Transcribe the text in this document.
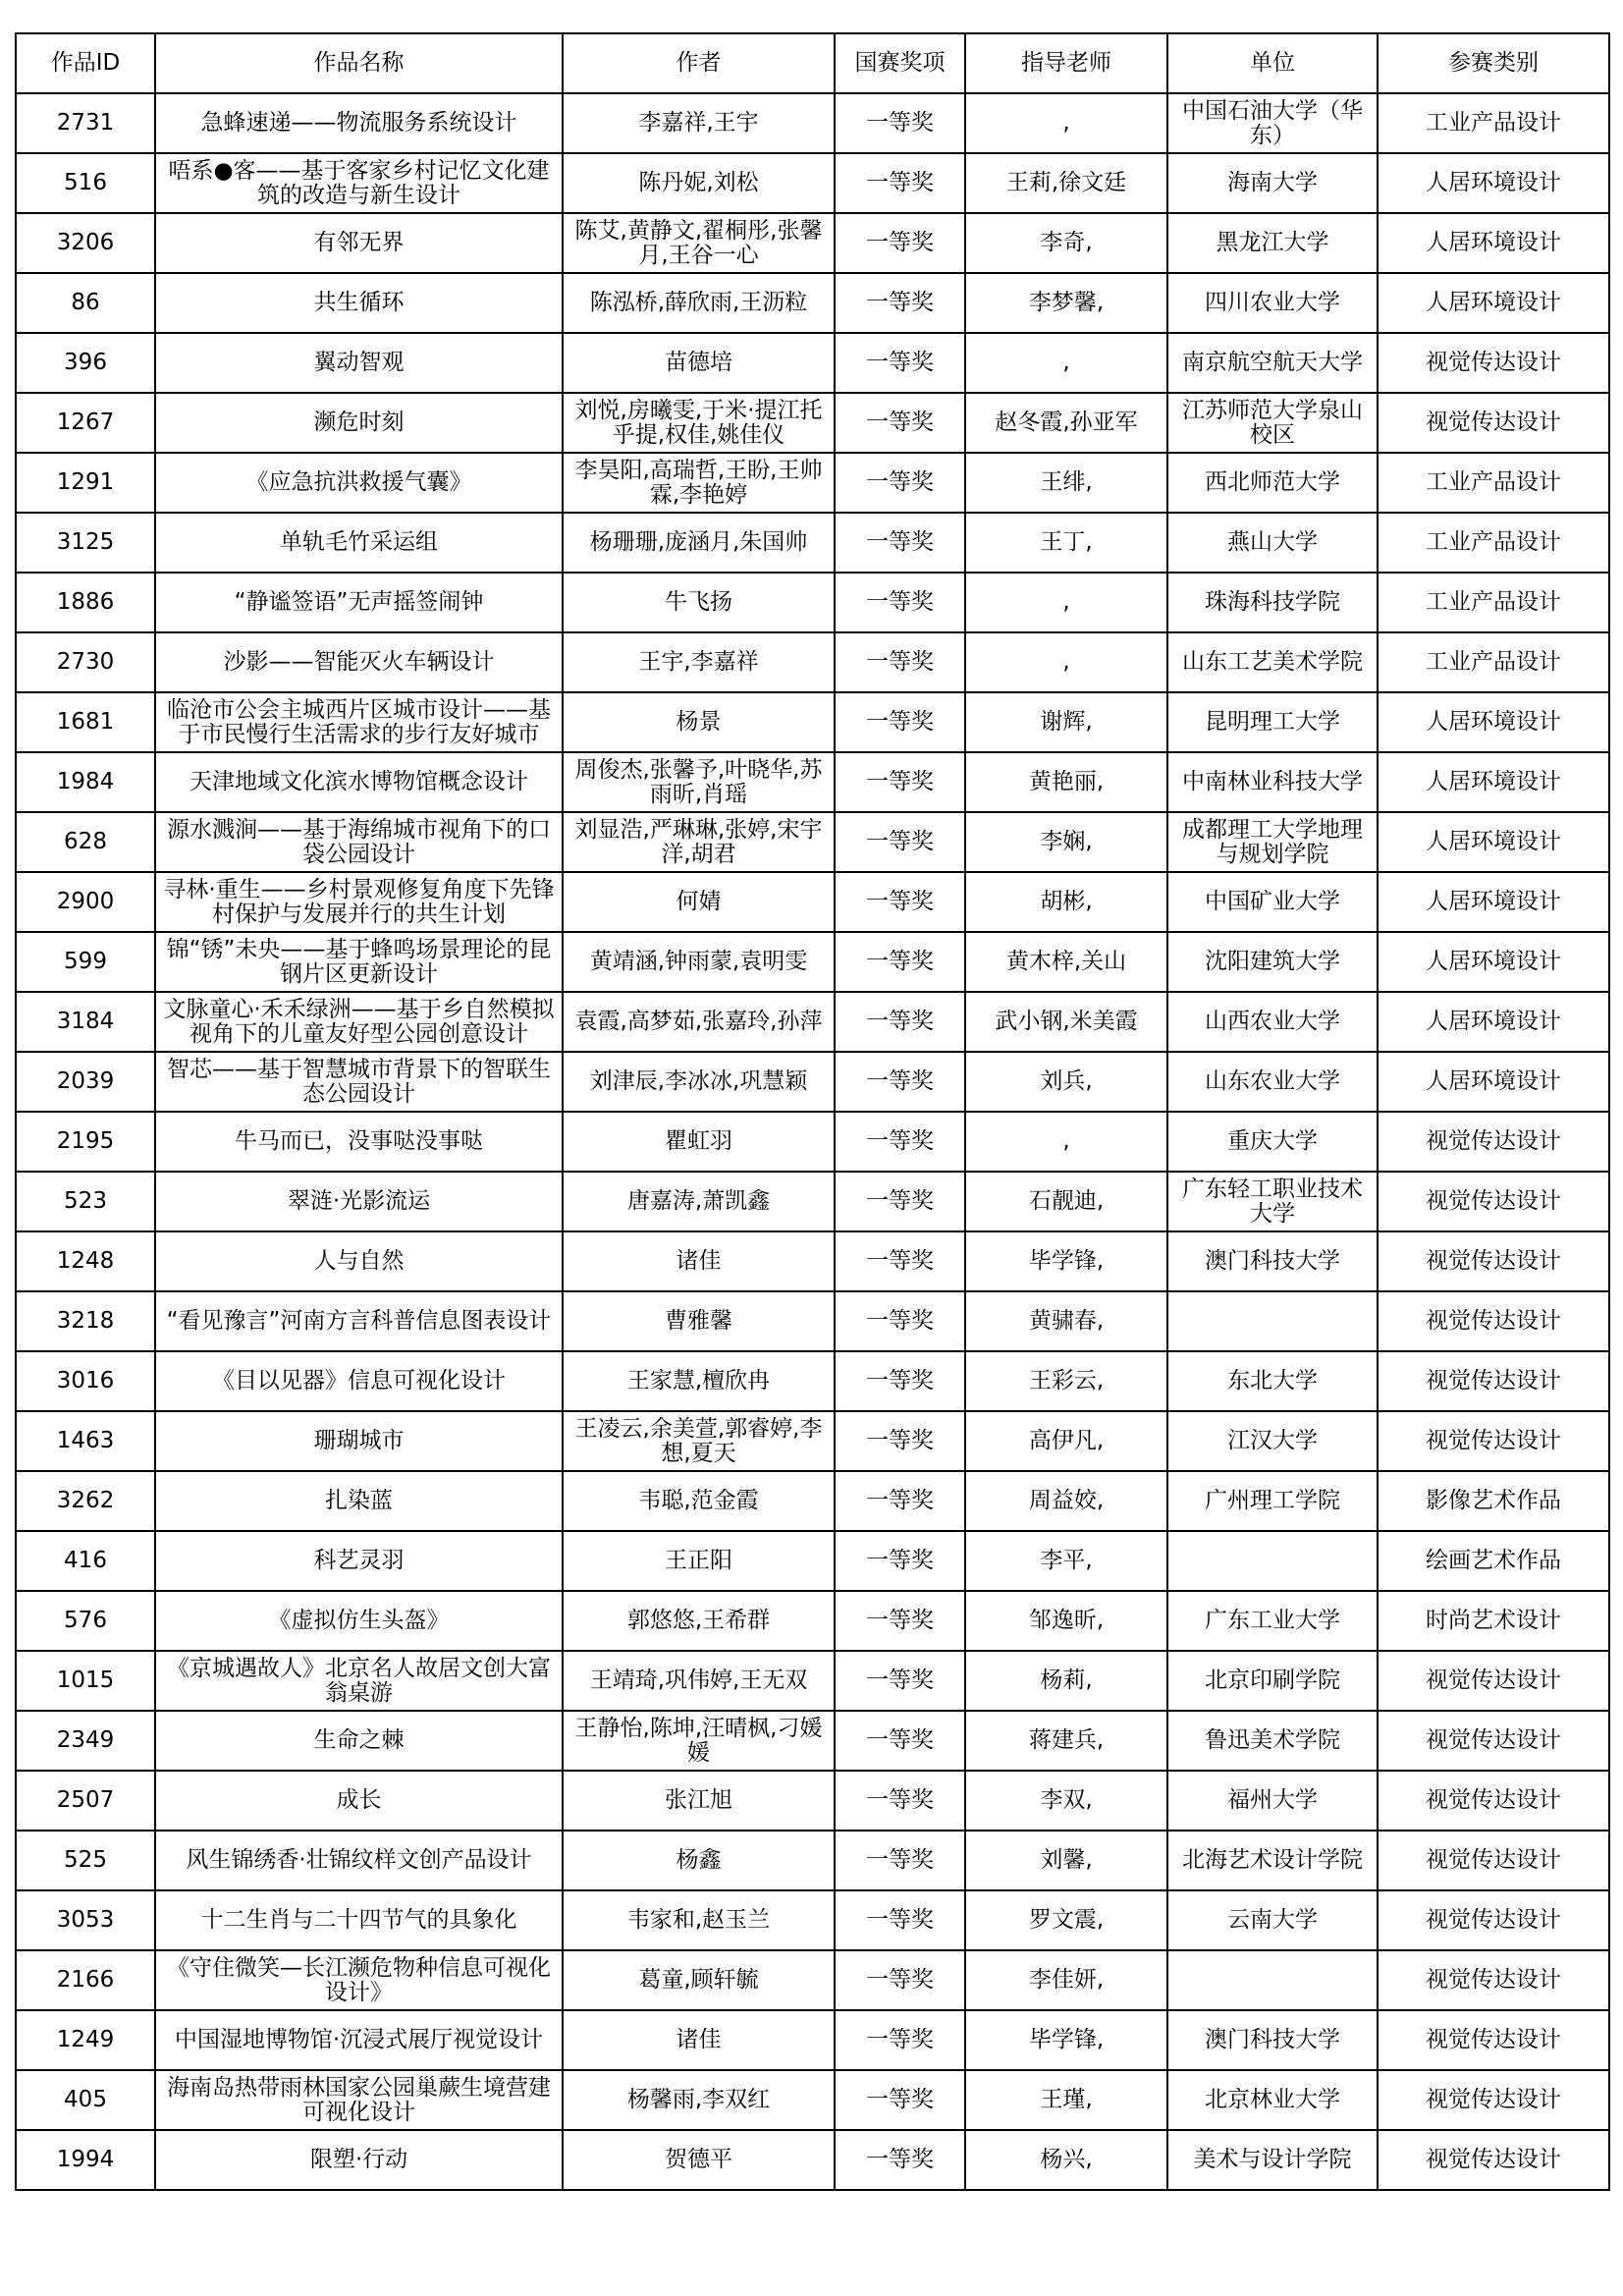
作品ID	作品名称	作者	国赛奖项	指导老师	单位	参赛类别

2731	急蜂速递——物流服务系统设计	李嘉祥,王宇	一等奖	,	中国石油大学（华东）	工业产品设计

516	唔系●客——基于客家乡村记忆文化建筑的改造与新生设计	陈丹妮,刘松	一等奖	王莉,徐文廷	海南大学	人居环境设计

3206	有邻无界	陈艾,黄静文,翟桐彤,张馨月,王谷一心	一等奖	李奇,	黑龙江大学	人居环境设计

86	共生循环	陈泓桥,薛欣雨,王沥粒	一等奖	李梦馨,	四川农业大学	人居环境设计

396	翼动智观	苗德培	一等奖	,	南京航空航天大学	视觉传达设计

1267	濒危时刻	刘悦,房曦雯,于米·提江托乎提,权佳,姚佳仪	一等奖	赵冬霞,孙亚军	江苏师范大学泉山校区	视觉传达设计

1291	《应急抗洪救援气囊》	李昊阳,高瑞哲,王盼,王帅霖,李艳婷	一等奖	王绯,	西北师范大学	工业产品设计

3125	单轨毛竹采运组	杨珊珊,庞涵月,朱国帅	一等奖	王丁,	燕山大学	工业产品设计

1886	“静谧签语”无声摇签闹钟	牛飞扬	一等奖	,	珠海科技学院	工业产品设计

2730	沙影——智能灭火车辆设计	王宇,李嘉祥	一等奖	,	山东工艺美术学院	工业产品设计

1681	临沧市公会主城西片区城市设计——基于市民慢行生活需求的步行友好城市	杨景	一等奖	谢辉,	昆明理工大学	人居环境设计

1984	天津地域文化滨水博物馆概念设计	周俊杰,张馨予,叶晓华,苏雨昕,肖瑶	一等奖	黄艳丽,	中南林业科技大学	人居环境设计

628	源水溅涧——基于海绵城市视角下的口袋公园设计	刘显浩,严琳琳,张婷,宋宇洋,胡君	一等奖	李娴,	成都理工大学地理与规划学院	人居环境设计

2900	寻林·重生——乡村景观修复角度下先锋村保护与发展并行的共生计划	何婧	一等奖	胡彬,	中国矿业大学	人居环境设计

599	锦“锈”未央——基于蜂鸣场景理论的昆钢片区更新设计	黄靖涵,钟雨蒙,袁明雯	一等奖	黄木梓,关山	沈阳建筑大学	人居环境设计

3184	文脉童心·禾禾绿洲——基于乡自然模拟视角下的儿童友好型公园创意设计	袁霞,高梦茹,张嘉玲,孙萍	一等奖	武小钢,米美霞	山西农业大学	人居环境设计

2039	智芯——基于智慧城市背景下的智联生态公园设计	刘津辰,李冰冰,巩慧颖	一等奖	刘兵,	山东农业大学	人居环境设计

2195	牛马而已，没事哒没事哒	瞿虹羽	一等奖	,	重庆大学	视觉传达设计

523	翠涟·光影流运	唐嘉涛,萧凯鑫	一等奖	石靓迪,	广东轻工职业技术大学	视觉传达设计

1248	人与自然	诸佳	一等奖	毕学锋,	澳门科技大学	视觉传达设计

3218	“看见豫言”河南方言科普信息图表设计	曹雅馨	一等奖	黄骕春,		视觉传达设计

3016	《目以见器》信息可视化设计	王家慧,檀欣冉	一等奖	王彩云,	东北大学	视觉传达设计

1463	珊瑚城市	王凌云,余美萱,郭睿婷,李想,夏天	一等奖	高伊凡,	江汉大学	视觉传达设计

3262	扎染蓝	韦聪,范金霞	一等奖	周益姣,	广州理工学院	影像艺术作品

416	科艺灵羽	王正阳	一等奖	李平,		绘画艺术作品

576	《虚拟仿生头盔》	郭悠悠,王希群	一等奖	邹逸昕,	广东工业大学	时尚艺术设计

1015	《京城遇故人》北京名人故居文创大富翁桌游	王靖琦,巩伟婷,王无双	一等奖	杨莉,	北京印刷学院	视觉传达设计

2349	生命之棘	王静怡,陈坤,汪晴枫,刁媛媛	一等奖	蒋建兵,	鲁迅美术学院	视觉传达设计

2507	成长	张江旭	一等奖	李双,	福州大学	视觉传达设计

525	风生锦绣香·壮锦纹样文创产品设计	杨鑫	一等奖	刘馨,	北海艺术设计学院	视觉传达设计

3053	十二生肖与二十四节气的具象化	韦家和,赵玉兰	一等奖	罗文震,	云南大学	视觉传达设计

2166	《守住微笑—长江濒危物种信息可视化设计》	葛童,顾轩毓	一等奖	李佳妍,		视觉传达设计

1249	中国湿地博物馆·沉浸式展厅视觉设计	诸佳	一等奖	毕学锋,	澳门科技大学	视觉传达设计

405	海南岛热带雨林国家公园巢蕨生境营建可视化设计	杨馨雨,李双红	一等奖	王瑾,	北京林业大学	视觉传达设计

1994	限塑·行动	贺德平	一等奖	杨兴,	美术与设计学院	视觉传达设计
